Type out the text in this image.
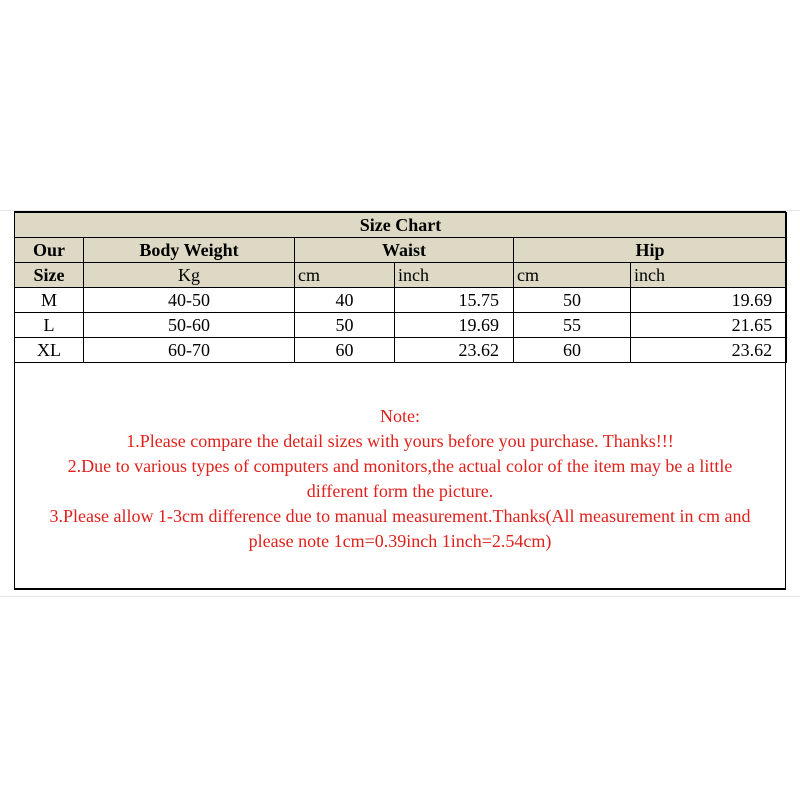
Size Chart					
Our	Body Weight	Waist		Hip	
Size	Kg	cm	inch	cm	inch
M	40-50	40	15.75	50	19.69
L	50-60	50	19.69	55	21.65
XL	60-70	60	23.62	60	23.62
Note:
1.Please compare the detail sizes with yours before you purchase. Thanks!!!
2.Due to various types of computers and monitors,the actual color of the item may be a little
different form the picture.
3.Please allow 1-3cm difference due to manual measurement.Thanks(All measurement in cm and
please note 1cm=0.39inch 1inch=2.54cm)
